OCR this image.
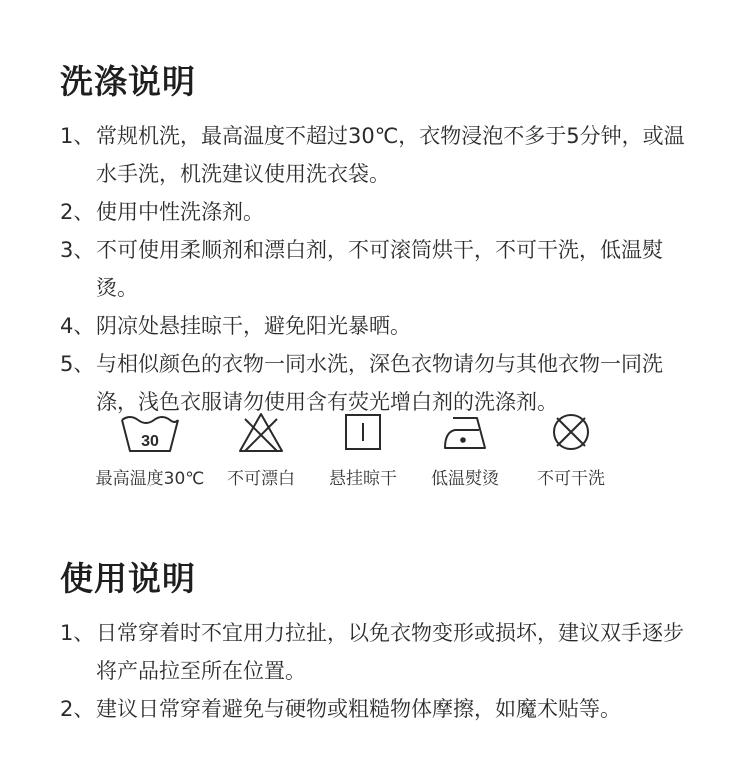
洗涤说明
1、 常规机洗，最高温度不超过30℃，衣物浸泡不多于5分钟，或温水手洗，机洗建议使用洗衣袋。
2、 使用中性洗涤剂。
3、 不可使用柔顺剂和漂白剂，不可滚筒烘干，不可干洗，低温熨烫。
4、 阴凉处悬挂晾干，避免阳光暴晒。
5、 与相似颜色的衣物一同水洗，深色衣物请勿与其他衣物一同洗涤，浅色衣服请勿使用含有荧光增白剂的洗涤剂。
30
最高温度30℃ 不可漂白 悬挂晾干 低温熨烫 不可干洗
使用说明
1、 日常穿着时不宜用力拉扯，以免衣物变形或损坏，建议双手逐步将产品拉至所在位置。
2、 建议日常穿着避免与硬物或粗糙物体摩擦，如魔术贴等。
